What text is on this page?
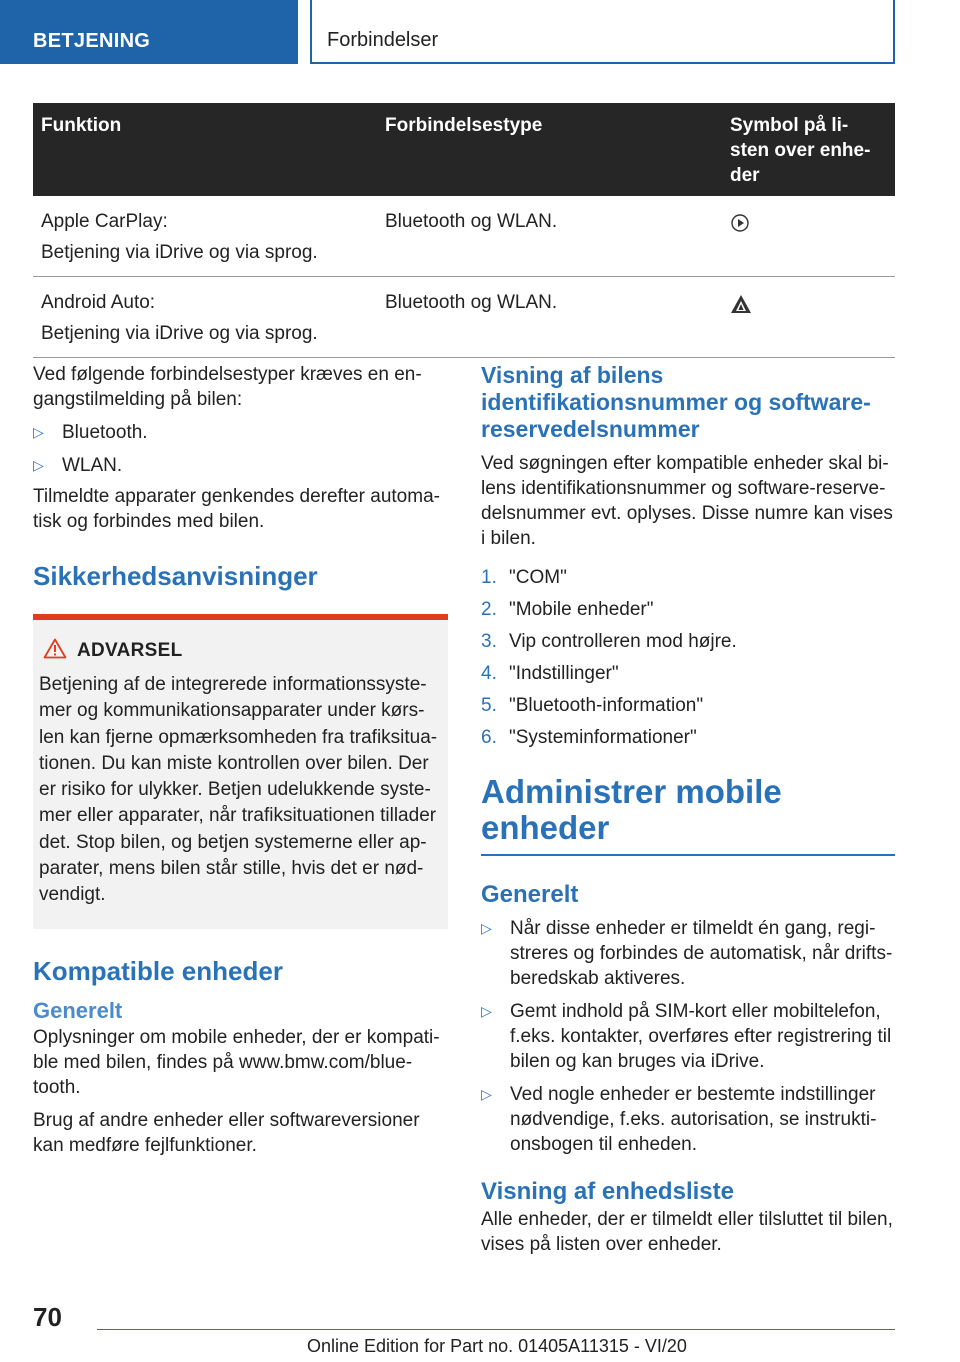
BETJENING	Forbindelser
Funktion	Forbindelsestype	Symbol på li-
sten over enhe-
der

Apple CarPlay:
Betjening via iDrive og via sprog.	Bluetooth og WLAN.	

Android Auto:
Betjening via iDrive og via sprog.	Bluetooth og WLAN.	

Ved følgende forbindelsestyper kræves en en-
gangstilmelding på bilen:

▷ Bluetooth.
▷ WLAN.

Tilmeldte apparater genkendes derefter automa-
tisk og forbindes med bilen.

Sikkerhedsanvisninger
ADVARSEL

Betjening af de integrerede informationssyste-
mer og kommunikationsapparater under kørs-
len kan fjerne opmærksomheden fra trafiksitua-
tionen. Du kan miste kontrollen over bilen. Der
er risiko for ulykker. Betjen udelukkende syste-
mer eller apparater, når trafiksituationen tillader
det. Stop bilen, og betjen systemerne eller ap-
parater, mens bilen står stille, hvis det er nød-
vendigt.

Kompatible enheder
Generelt

Oplysninger om mobile enheder, der er kompati-
ble med bilen, findes på www.bmw.com/blue-
tooth.

Brug af andre enheder eller softwareversioner
kan medføre fejlfunktioner.

Visning af bilens
identifikationsnummer og software-
reservedelsnummer

Ved søgningen efter kompatible enheder skal bi-
lens identifikationsnummer og software-reserve-
delsnummer evt. oplyses. Disse numre kan vises
i bilen.

1. "COM"
2. "Mobile enheder"
3. Vip controlleren mod højre.
4. "Indstillinger"
5. "Bluetooth-information"
6. "Systeminformationer"
Administrer mobile
enheder
Generelt
▷ Når disse enheder er tilmeldt én gang, regi-
streres og forbindes de automatisk, når drifts-
beredskab aktiveres.
▷ Gemt indhold på SIM-kort eller mobiltelefon,
f.eks. kontakter, overføres efter registrering til
bilen og kan bruges via iDrive.
▷ Ved nogle enheder er bestemte indstillinger
nødvendige, f.eks. autorisation, se instrukti-
onsbogen til enheden.
Visning af enhedsliste

Alle enheder, der er tilmeldt eller tilsluttet til bilen,
vises på listen over enheder.

70
Online Edition for Part no. 01405A11315 - VI/20
